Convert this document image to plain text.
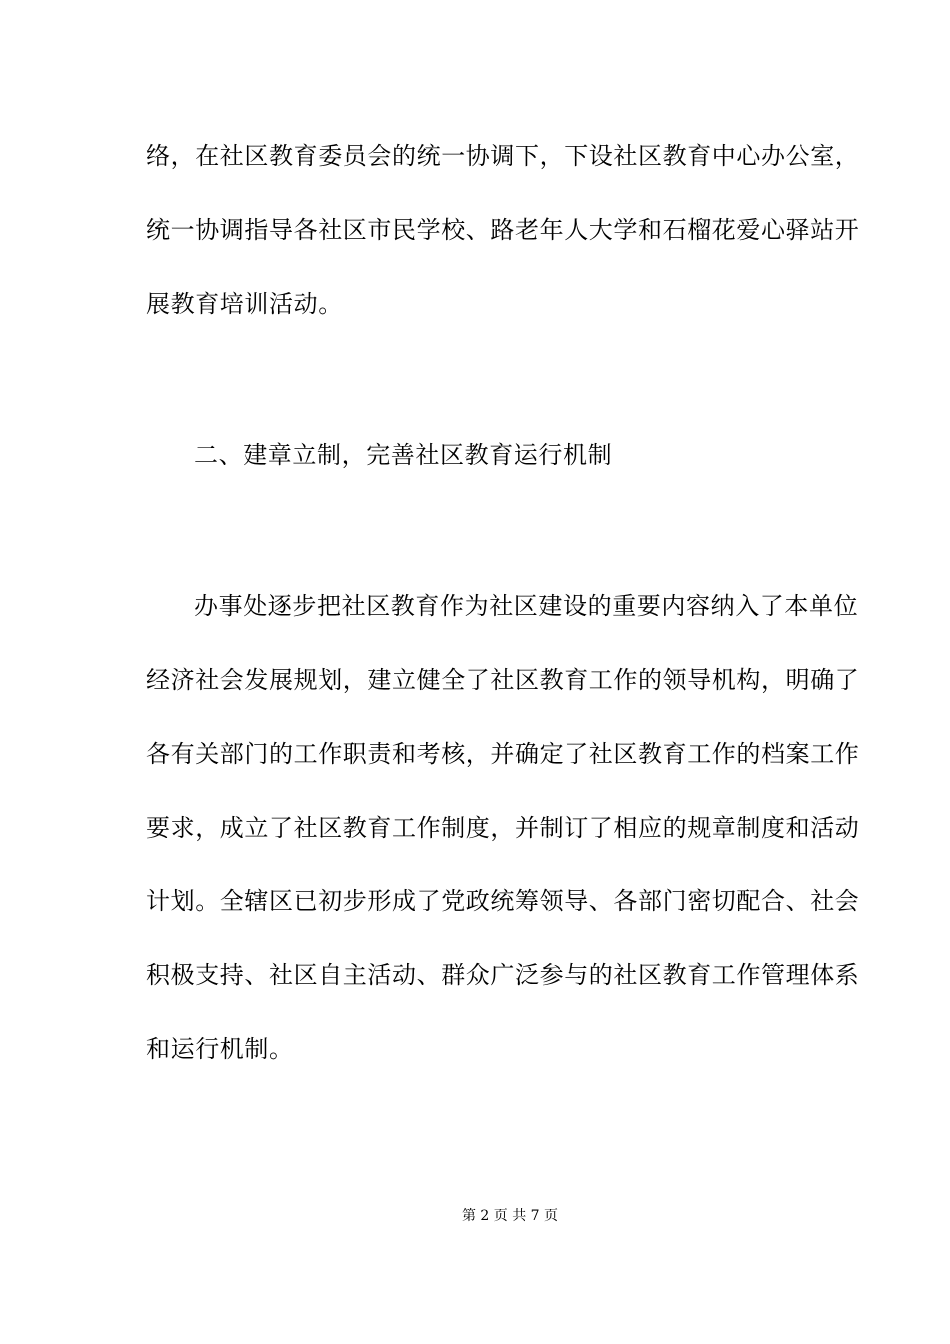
络，在社区教育委员会的统一协调下，下设社区教育中心办公室，
统一协调指导各社区市民学校、路老年人大学和石榴花爱心驿站开
展教育培训活动。
二、建章立制，完善社区教育运行机制
办事处逐步把社区教育作为社区建设的重要内容纳入了本单位
经济社会发展规划，建立健全了社区教育工作的领导机构，明确了
各有关部门的工作职责和考核，并确定了社区教育工作的档案工作
要求，成立了社区教育工作制度，并制订了相应的规章制度和活动
计划。全辖区已初步形成了党政统筹领导、各部门密切配合、社会
积极支持、社区自主活动、群众广泛参与的社区教育工作管理体系
和运行机制。
第 2 页 共 7 页
